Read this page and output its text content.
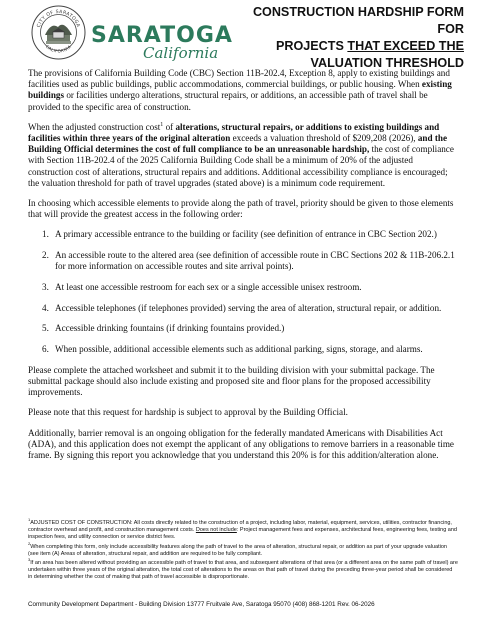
CITY OF SARATOGA
CALIFORNIA SARATOGA
California
CONSTRUCTION HARDSHIP FORM FOR
PROJECTS THAT EXCEED THE
VALUATION THRESHOLD

The provisions of California Building Code (CBC) Section 11B-202.4, Exception 8, apply to existing buildings and facilities used as public buildings, public accommodations, commercial buildings, or public housing. When existing buildings or facilities undergo alterations, structural repairs, or additions, an accessible path of travel shall be provided to the specific area of construction.

When the adjusted construction cost$^1$ of alterations, structural repairs, or additions to existing buildings and facilities within three years of the original alteration exceeds a valuation threshold of $209,208 (2026), and the Building Official determines the cost of full compliance to be an unreasonable hardship, the cost of compliance with Section 11B-202.4 of the 2025 California Building Code shall be a minimum of 20% of the adjusted construction cost of alterations, structural repairs and additions. Additional accessibility compliance is encouraged; the valuation threshold for path of travel upgrades (stated above) is a minimum code requirement.

In choosing which accessible elements to provide along the path of travel, priority should be given to those elements that will provide the greatest access in the following order:

1. A primary accessible entrance to the building or facility (see definition of entrance in CBC Section 202.)
2. An accessible route to the altered area (see definition of accessible route in CBC Sections 202 & 11B-206.2.1 for more information on accessible routes and site arrival points).
3. At least one accessible restroom for each sex or a single accessible unisex restroom.
4. Accessible telephones (if telephones provided) serving the area of alteration, structural repair, or addition.
5. Accessible drinking fountains (if drinking fountains provided.)
6. When possible, additional accessible elements such as additional parking, signs, storage, and alarms.

Please complete the attached worksheet and submit it to the building division with your submittal package. The submittal package should also include existing and proposed site and floor plans for the proposed accessibility improvements.

Please note that this request for hardship is subject to approval by the Building Official.

Additionally, barrier removal is an ongoing obligation for the federally mandated Americans with Disabilities Act (ADA), and this application does not exempt the applicant of any obligations to remove barriers in a reasonable time frame. By signing this report you acknowledge that you understand this 20% is for this addition/alteration alone.

$^1$ADJUSTED COST OF CONSTRUCTION: All costs directly related to the construction of a project, including labor, material, equipment, services, utilities, contractor financing, contractor overhead and profit, and construction management costs. Does not include: Project management fees and expenses, architectural fees, engineering fees, testing and inspection fees, and utility connection or service district fees.

$^2$When completing this form, only include accessibility features along the path of travel to the area of alteration, structural repair, or addition as part of your upgrade valuation (see item (A) Areas of alteration, structural repair, and addition are required to be fully compliant.

$^3$If an area has been altered without providing an accessible path of travel to that area, and subsequent alterations of that area (or a different area on the same path of travel) are undertaken within three years of the original alteration, the total cost of alterations to the areas on that path of travel during the preceding three-year period shall be considered in determining whether the cost of making that path of travel accessible is disproportionate.

Community Development Department - Building Division 13777 Fruitvale Ave, Saratoga 95070 (408) 868-1201 Rev. 06-2026
